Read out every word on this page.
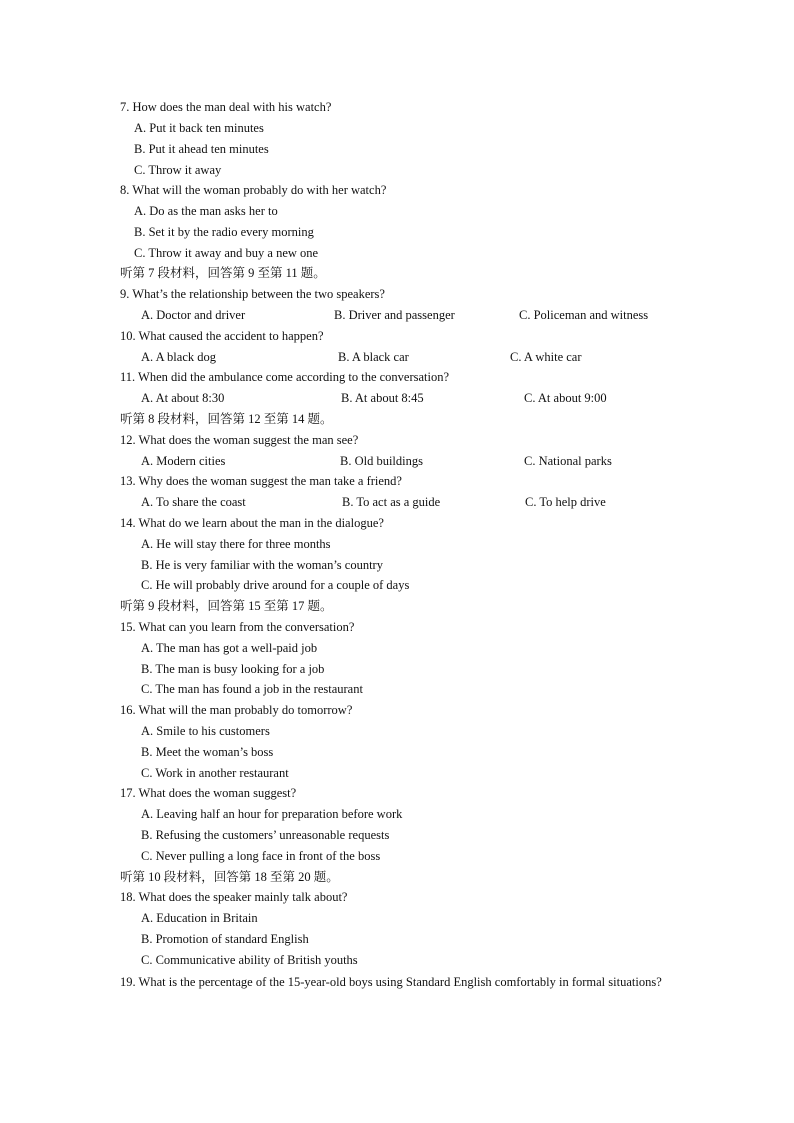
7. How does the man deal with his watch?
A. Put it back ten minutes
B. Put it ahead ten minutes
C. Throw it away
8. What will the woman probably do with her watch?
A. Do as the man asks her to
B. Set it by the radio every morning
C. Throw it away and buy a new one
听第 7 段材料，回答第 9 至第 11 题。
9. What’s the relationship between the two speakers?
A. Doctor and driver	B. Driver and passenger	C. Policeman and witness
10. What caused the accident to happen?
A. A black dog	B. A black car	C. A white car
11. When did the ambulance come according to the conversation?
A. At about 8:30	B. At about 8:45	C. At about 9:00
听第 8 段材料，回答第 12 至第 14 题。
12. What does the woman suggest the man see?
A. Modern cities	B. Old buildings	C. National parks
13. Why does the woman suggest the man take a friend?
A. To share the coast	B. To act as a guide	C. To help drive
14. What do we learn about the man in the dialogue?
A. He will stay there for three months
B. He is very familiar with the woman’s country
C. He will probably drive around for a couple of days
听第 9 段材料，回答第 15 至第 17 题。
15. What can you learn from the conversation?
A. The man has got a well-paid job
B. The man is busy looking for a job
C. The man has found a job in the restaurant
16. What will the man probably do tomorrow?
A. Smile to his customers
B. Meet the woman’s boss
C. Work in another restaurant
17. What does the woman suggest?
A. Leaving half an hour for preparation before work
B. Refusing the customers’ unreasonable requests
C. Never pulling a long face in front of the boss
听第 10 段材料，回答第 18 至第 20 题。
18. What does the speaker mainly talk about?
A. Education in Britain
B. Promotion of standard English
C. Communicative ability of British youths
19. What is the percentage of the 15-year-old boys using Standard English comfortably in formal situations?
